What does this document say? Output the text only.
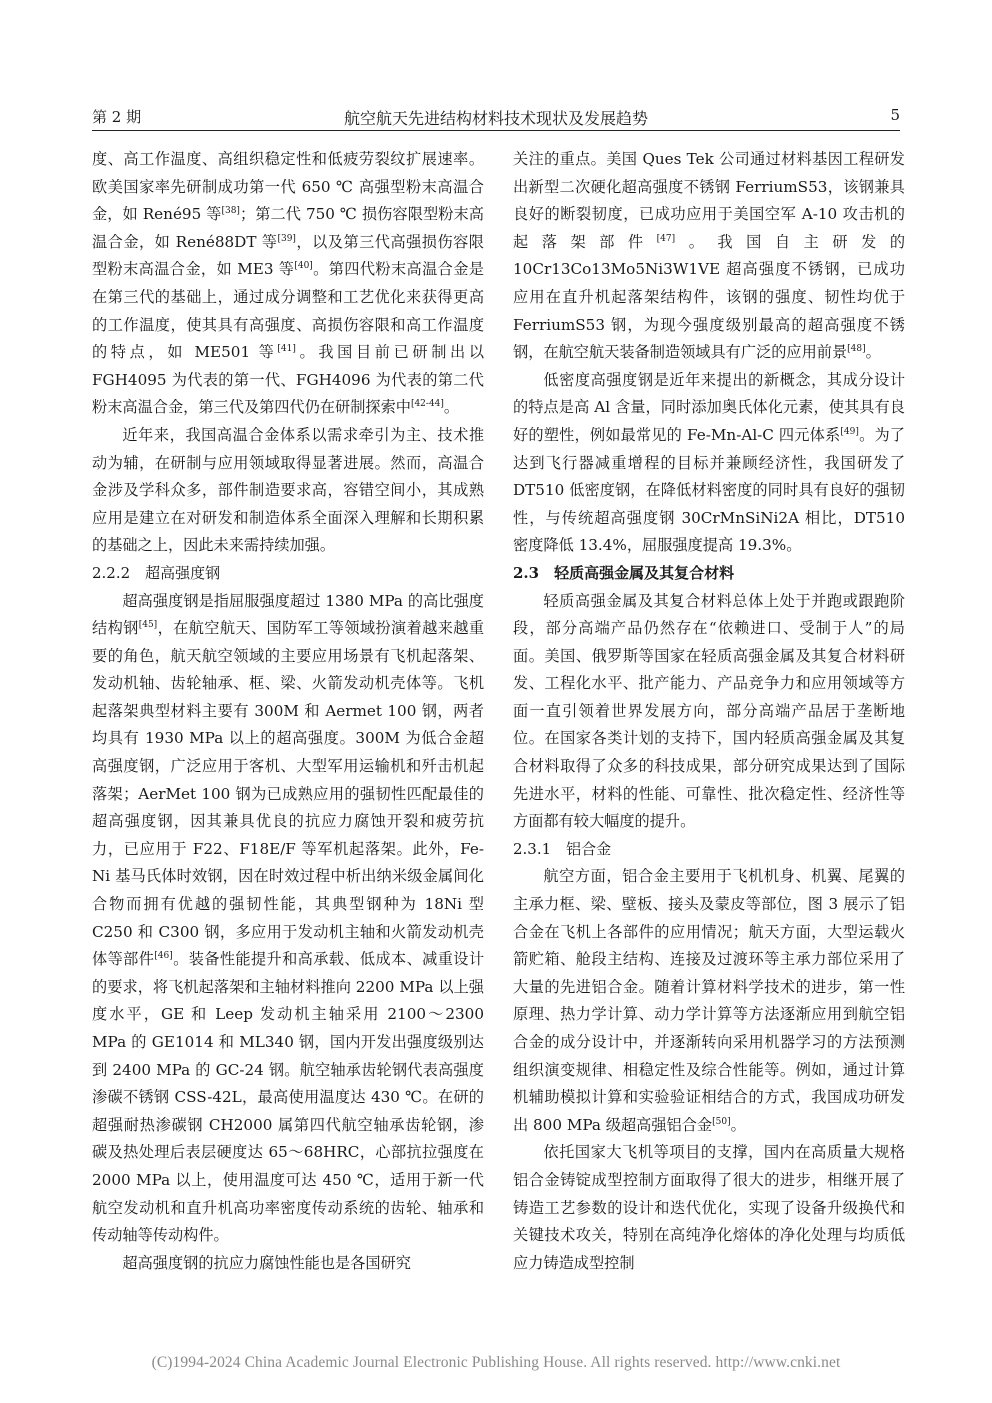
第 2 期	航空航天先进结构材料技术现状及发展趋势	5

度、高工作温度、高组织稳定性和低疲劳裂纹扩展速率。欧美国家率先研制成功第一代 650 ℃ 高强型粉末高温合金，如 René95 等[38]；第二代 750 ℃ 损伤容限型粉末高温合金，如 René88DT 等[39]，以及第三代高强损伤容限型粉末高温合金，如 ME3 等[40]。第四代粉末高温合金是在第三代的基础上，通过成分调整和工艺优化来获得更高的工作温度，使其具有高强度、高损伤容限和高工作温度的特点，如 ME501 等[41]。我国目前已研制出以 FGH4095 为代表的第一代、FGH4096 为代表的第二代粉末高温合金，第三代及第四代仍在研制探索中[42-44]。

近年来，我国高温合金体系以需求牵引为主、技术推动为辅，在研制与应用领域取得显著进展。然而，高温合金涉及学科众多，部件制造要求高，容错空间小，其成熟应用是建立在对研发和制造体系全面深入理解和长期积累的基础之上，因此未来需持续加强。

2.2.2　超高强度钢

超高强度钢是指屈服强度超过 1380 MPa 的高比强度结构钢[45]，在航空航天、国防军工等领域扮演着越来越重要的角色，航天航空领域的主要应用场景有飞机起落架、发动机轴、齿轮轴承、框、梁、火箭发动机壳体等。飞机起落架典型材料主要有 300M 和 Aermet 100 钢，两者均具有 1930 MPa 以上的超高强度。300M 为低合金超高强度钢，广泛应用于客机、大型军用运输机和歼击机起落架；AerMet 100 钢为已成熟应用的强韧性匹配最佳的超高强度钢，因其兼具优良的抗应力腐蚀开裂和疲劳抗力，已应用于 F22、F18E/F 等军机起落架。此外，Fe-Ni 基马氏体时效钢，因在时效过程中析出纳米级金属间化合物而拥有优越的强韧性能，其典型钢种为 18Ni 型 C250 和 C300 钢，多应用于发动机主轴和火箭发动机壳体等部件[46]。装备性能提升和高承载、低成本、减重设计的要求，将飞机起落架和主轴材料推向 2200 MPa 以上强度水平，GE 和 Leep 发动机主轴采用 2100～2300 MPa 的 GE1014 和 ML340 钢，国内开发出强度级别达到 2400 MPa 的 GC-24 钢。航空轴承齿轮钢代表高强度渗碳不锈钢 CSS-42L，最高使用温度达 430 ℃。在研的超强耐热渗碳钢 CH2000 属第四代航空轴承齿轮钢，渗碳及热处理后表层硬度达 65～68HRC，心部抗拉强度在 2000 MPa 以上，使用温度可达 450 ℃，适用于新一代航空发动机和直升机高功率密度传动系统的齿轮、轴承和传动轴等传动构件。

超高强度钢的抗应力腐蚀性能也是各国研究

关注的重点。美国 Ques Tek 公司通过材料基因工程研发出新型二次硬化超高强度不锈钢 FerriumS53，该钢兼具良好的断裂韧度，已成功应用于美国空军 A-10 攻击机的起落架部件[47]。我国自主研发的 10Cr13Co13Mo5Ni3W1VE 超高强度不锈钢，已成功应用在直升机起落架结构件，该钢的强度、韧性均优于 FerriumS53 钢，为现今强度级别最高的超高强度不锈钢，在航空航天装备制造领域具有广泛的应用前景[48]。

低密度高强度钢是近年来提出的新概念，其成分设计的特点是高 Al 含量，同时添加奥氏体化元素，使其具有良好的塑性，例如最常见的 Fe-Mn-Al-C 四元体系[49]。为了达到飞行器减重增程的目标并兼顾经济性，我国研发了 DT510 低密度钢，在降低材料密度的同时具有良好的强韧性，与传统超高强度钢 30CrMnSiNi2A 相比，DT510 密度降低 13.4%，屈服强度提高 19.3%。

2.3　轻质高强金属及其复合材料

轻质高强金属及其复合材料总体上处于并跑或跟跑阶段，部分高端产品仍然存在“依赖进口、受制于人”的局面。美国、俄罗斯等国家在轻质高强金属及其复合材料研发、工程化水平、批产能力、产品竞争力和应用领域等方面一直引领着世界发展方向，部分高端产品居于垄断地位。在国家各类计划的支持下，国内轻质高强金属及其复合材料取得了众多的科技成果，部分研究成果达到了国际先进水平，材料的性能、可靠性、批次稳定性、经济性等方面都有较大幅度的提升。

2.3.1　铝合金

航空方面，铝合金主要用于飞机机身、机翼、尾翼的主承力框、梁、壁板、接头及蒙皮等部位，图 3 展示了铝合金在飞机上各部件的应用情况；航天方面，大型运载火箭贮箱、舱段主结构、连接及过渡环等主承力部位采用了大量的先进铝合金。随着计算材料学技术的进步，第一性原理、热力学计算、动力学计算等方法逐渐应用到航空铝合金的成分设计中，并逐渐转向采用机器学习的方法预测组织演变规律、相稳定性及综合性能等。例如，通过计算机辅助模拟计算和实验验证相结合的方式，我国成功研发出 800 MPa 级超高强铝合金[50]。

依托国家大飞机等项目的支撑，国内在高质量大规格铝合金铸锭成型控制方面取得了很大的进步，相继开展了铸造工艺参数的设计和迭代优化，实现了设备升级换代和关键技术攻关，特别在高纯净化熔体的净化处理与均质低应力铸造成型控制

(C)1994-2024 China Academic Journal Electronic Publishing House. All rights reserved. http://www.cnki.net
